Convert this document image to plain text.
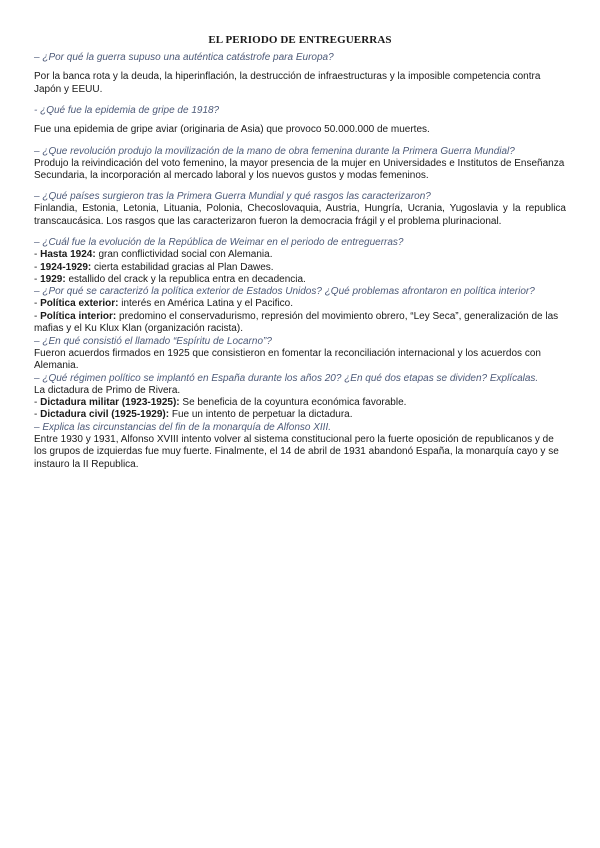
EL PERIODO DE ENTREGUERRAS

– ¿Por qué la guerra supuso una auténtica catástrofe para Europa?

Por la banca rota y la deuda, la hiperinflación, la destrucción de infraestructuras y la imposible competencia contra Japón y EEUU.

- ¿Qué fue la epidemia de gripe de 1918?

Fue una epidemia de gripe aviar (originaria de Asia) que provoco 50.000.000 de muertes.

– ¿Que revolución produjo la movilización de la mano de obra femenina durante la Primera Guerra Mundial?

Produjo la reivindicación del voto femenino, la mayor presencia de la mujer en Universidades e Institutos de Enseñanza Secundaria, la incorporación al mercado laboral y los nuevos gustos y modas femeninos.

– ¿Qué países surgieron tras la Primera Guerra Mundial y qué rasgos las caracterizaron?

Finlandia, Estonia, Letonia, Lituania, Polonia, Checoslovaquia, Austria, Hungría, Ucrania, Yugoslavia y la republica transcaucásica. Los rasgos que las caracterizaron fueron la democracia frágil y el problema plurinacional.

– ¿Cuál fue la evolución de la República de Weimar en el periodo de entreguerras?

- Hasta 1924: gran conflictividad social con Alemania.

- 1924-1929: cierta estabilidad gracias al Plan Dawes.

- 1929: estallido del crack y la republica entra en decadencia.

– ¿Por qué se caracterizó la política exterior de Estados Unidos? ¿Qué problemas afrontaron en política interior?

- Política exterior: interés en América Latina y el Pacifico.

- Política interior: predomino el conservadurismo, represión del movimiento obrero, “Ley Seca”, generalización de las mafias y el Ku Klux Klan (organización racista).

– ¿En qué consistió el llamado “Espíritu de Locarno”?

Fueron acuerdos firmados en 1925 que consistieron en fomentar la reconciliación internacional y los acuerdos con Alemania.

– ¿Qué régimen político se implantó en España durante los años 20? ¿En qué dos etapas se dividen? Explícalas.

La dictadura de Primo de Rivera.

- Dictadura militar (1923-1925): Se beneficia de la coyuntura económica favorable.

- Dictadura civil (1925-1929): Fue un intento de perpetuar la dictadura.

– Explica las circunstancias del fin de la monarquía de Alfonso XIII.

Entre 1930 y 1931, Alfonso XVIII intento volver al sistema constitucional pero la fuerte oposición de republicanos y de los grupos de izquierdas fue muy fuerte. Finalmente, el 14 de abril de 1931 abandonó España, la monarquía cayo y se instauro la II Republica.
